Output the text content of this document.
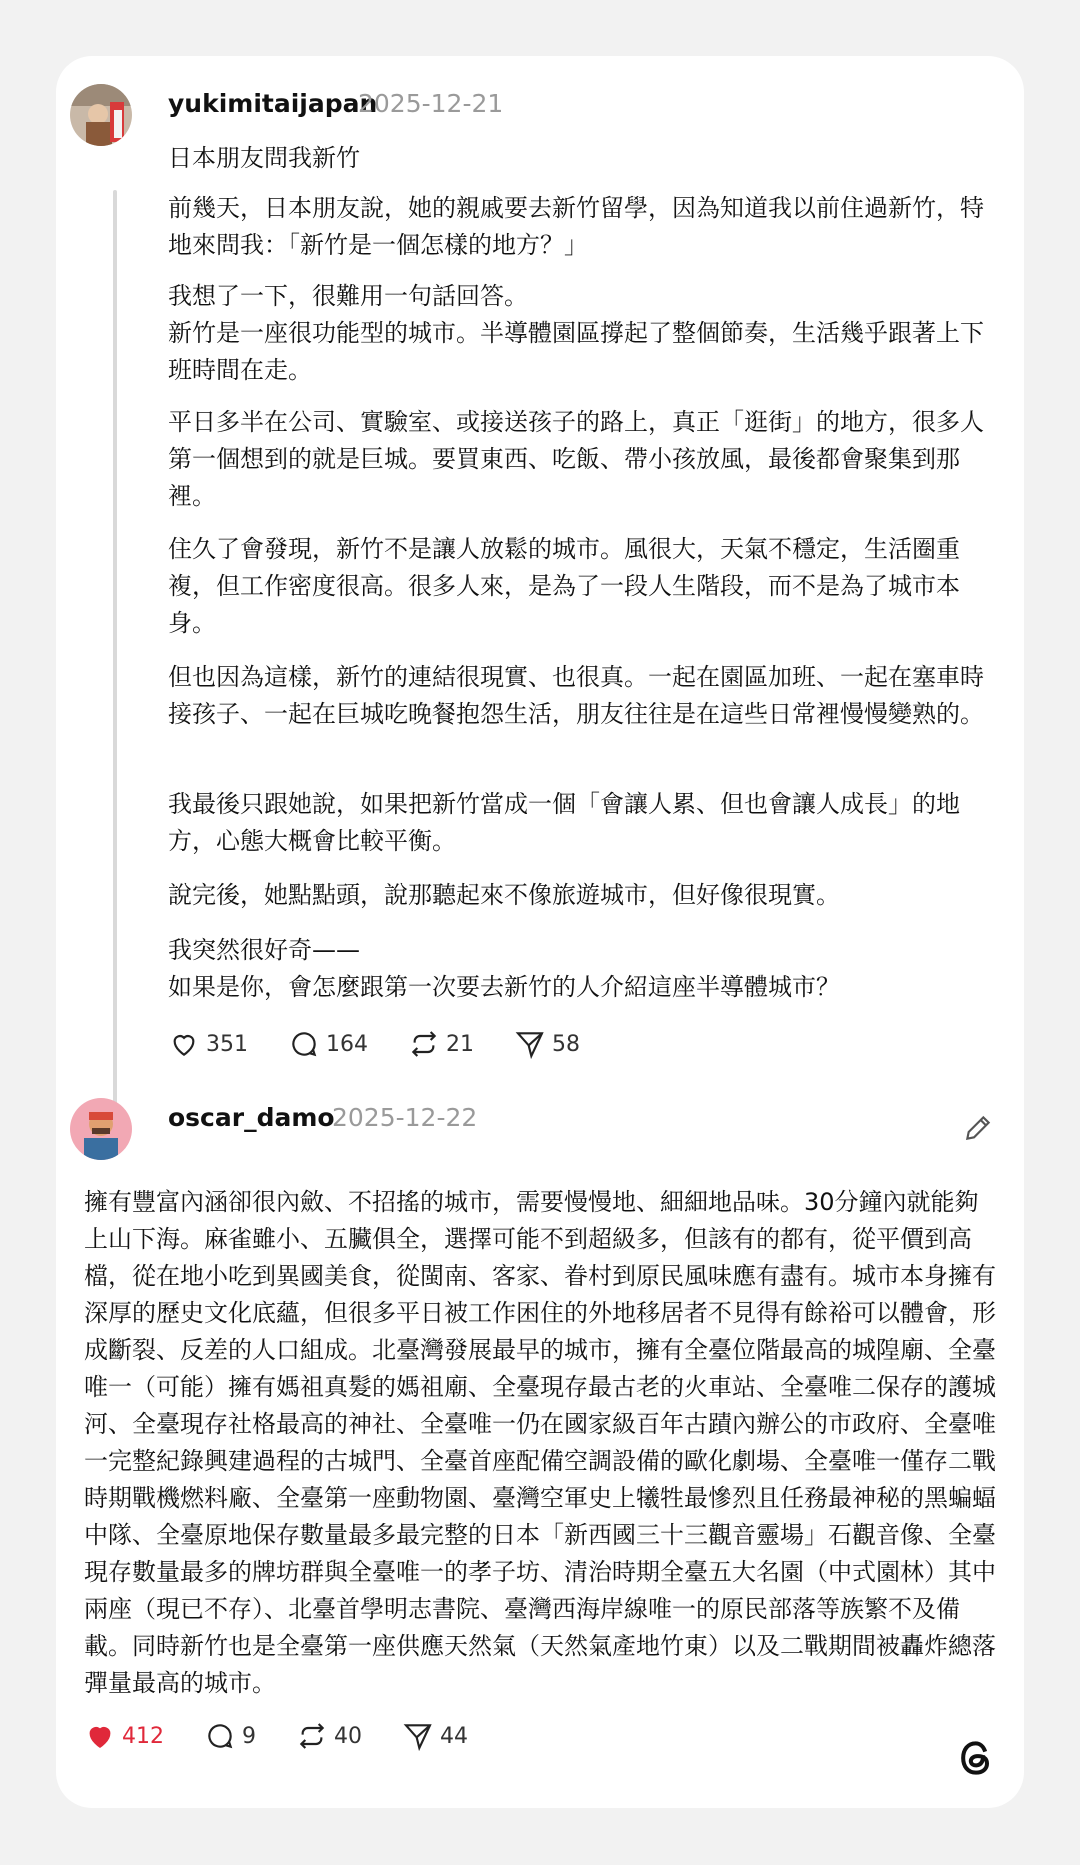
yukimitaijapan
2025-12-21
日本朋友問我新竹

前幾天，日本朋友說，她的親戚要去新竹留學，因為知道我以前住過新竹，特地來問我：「新竹是一個怎樣的地方？」

我想了一下，很難用一句話回答。
新竹是一座很功能型的城市。半導體園區撐起了整個節奏，生活幾乎跟著上下班時間在走。

平日多半在公司、實驗室、或接送孩子的路上，真正「逛街」的地方，很多人第一個想到的就是巨城。要買東西、吃飯、帶小孩放風，最後都會聚集到那裡。

住久了會發現，新竹不是讓人放鬆的城市。風很大，天氣不穩定，生活圈重複，但工作密度很高。很多人來，是為了一段人生階段，而不是為了城市本身。

但也因為這樣，新竹的連結很現實、也很真。一起在園區加班、一起在塞車時接孩子、一起在巨城吃晚餐抱怨生活，朋友往往是在這些日常裡慢慢變熟的。

我最後只跟她說，如果把新竹當成一個「會讓人累、但也會讓人成長」的地方，心態大概會比較平衡。

說完後，她點點頭，說那聽起來不像旅遊城市，但好像很現實。

我突然很好奇——
如果是你，會怎麼跟第一次要去新竹的人介紹這座半導體城市？

351	164	21	58
oscar_damo
2025-12-22

擁有豐富內涵卻很內斂、不招搖的城市，需要慢慢地、細細地品味。30分鐘內就能夠上山下海。麻雀雖小、五臟俱全，選擇可能不到超級多，但該有的都有，從平價到高檔，從在地小吃到異國美食，從閩南、客家、眷村到原民風味應有盡有。城市本身擁有深厚的歷史文化底蘊，但很多平日被工作困住的外地移居者不見得有餘裕可以體會，形成斷裂、反差的人口組成。北臺灣發展最早的城市，擁有全臺位階最高的城隍廟、全臺唯一（可能）擁有媽祖真髮的媽祖廟、全臺現存最古老的火車站、全臺唯二保存的護城河、全臺現存社格最高的神社、全臺唯一仍在國家級百年古蹟內辦公的市政府、全臺唯一完整紀錄興建過程的古城門、全臺首座配備空調設備的歐化劇場、全臺唯一僅存二戰時期戰機燃料廠、全臺第一座動物園、臺灣空軍史上犧牲最慘烈且任務最神秘的黑蝙蝠中隊、全臺原地保存數量最多最完整的日本「新西國三十三觀音靈場」石觀音像、全臺現存數量最多的牌坊群與全臺唯一的孝子坊、清治時期全臺五大名園（中式園林）其中兩座（現已不存）、北臺首學明志書院、臺灣西海岸線唯一的原民部落等族繁不及備載。同時新竹也是全臺第一座供應天然氣（天然氣產地竹東）以及二戰期間被轟炸總落彈量最高的城市。

412	9	40	44
